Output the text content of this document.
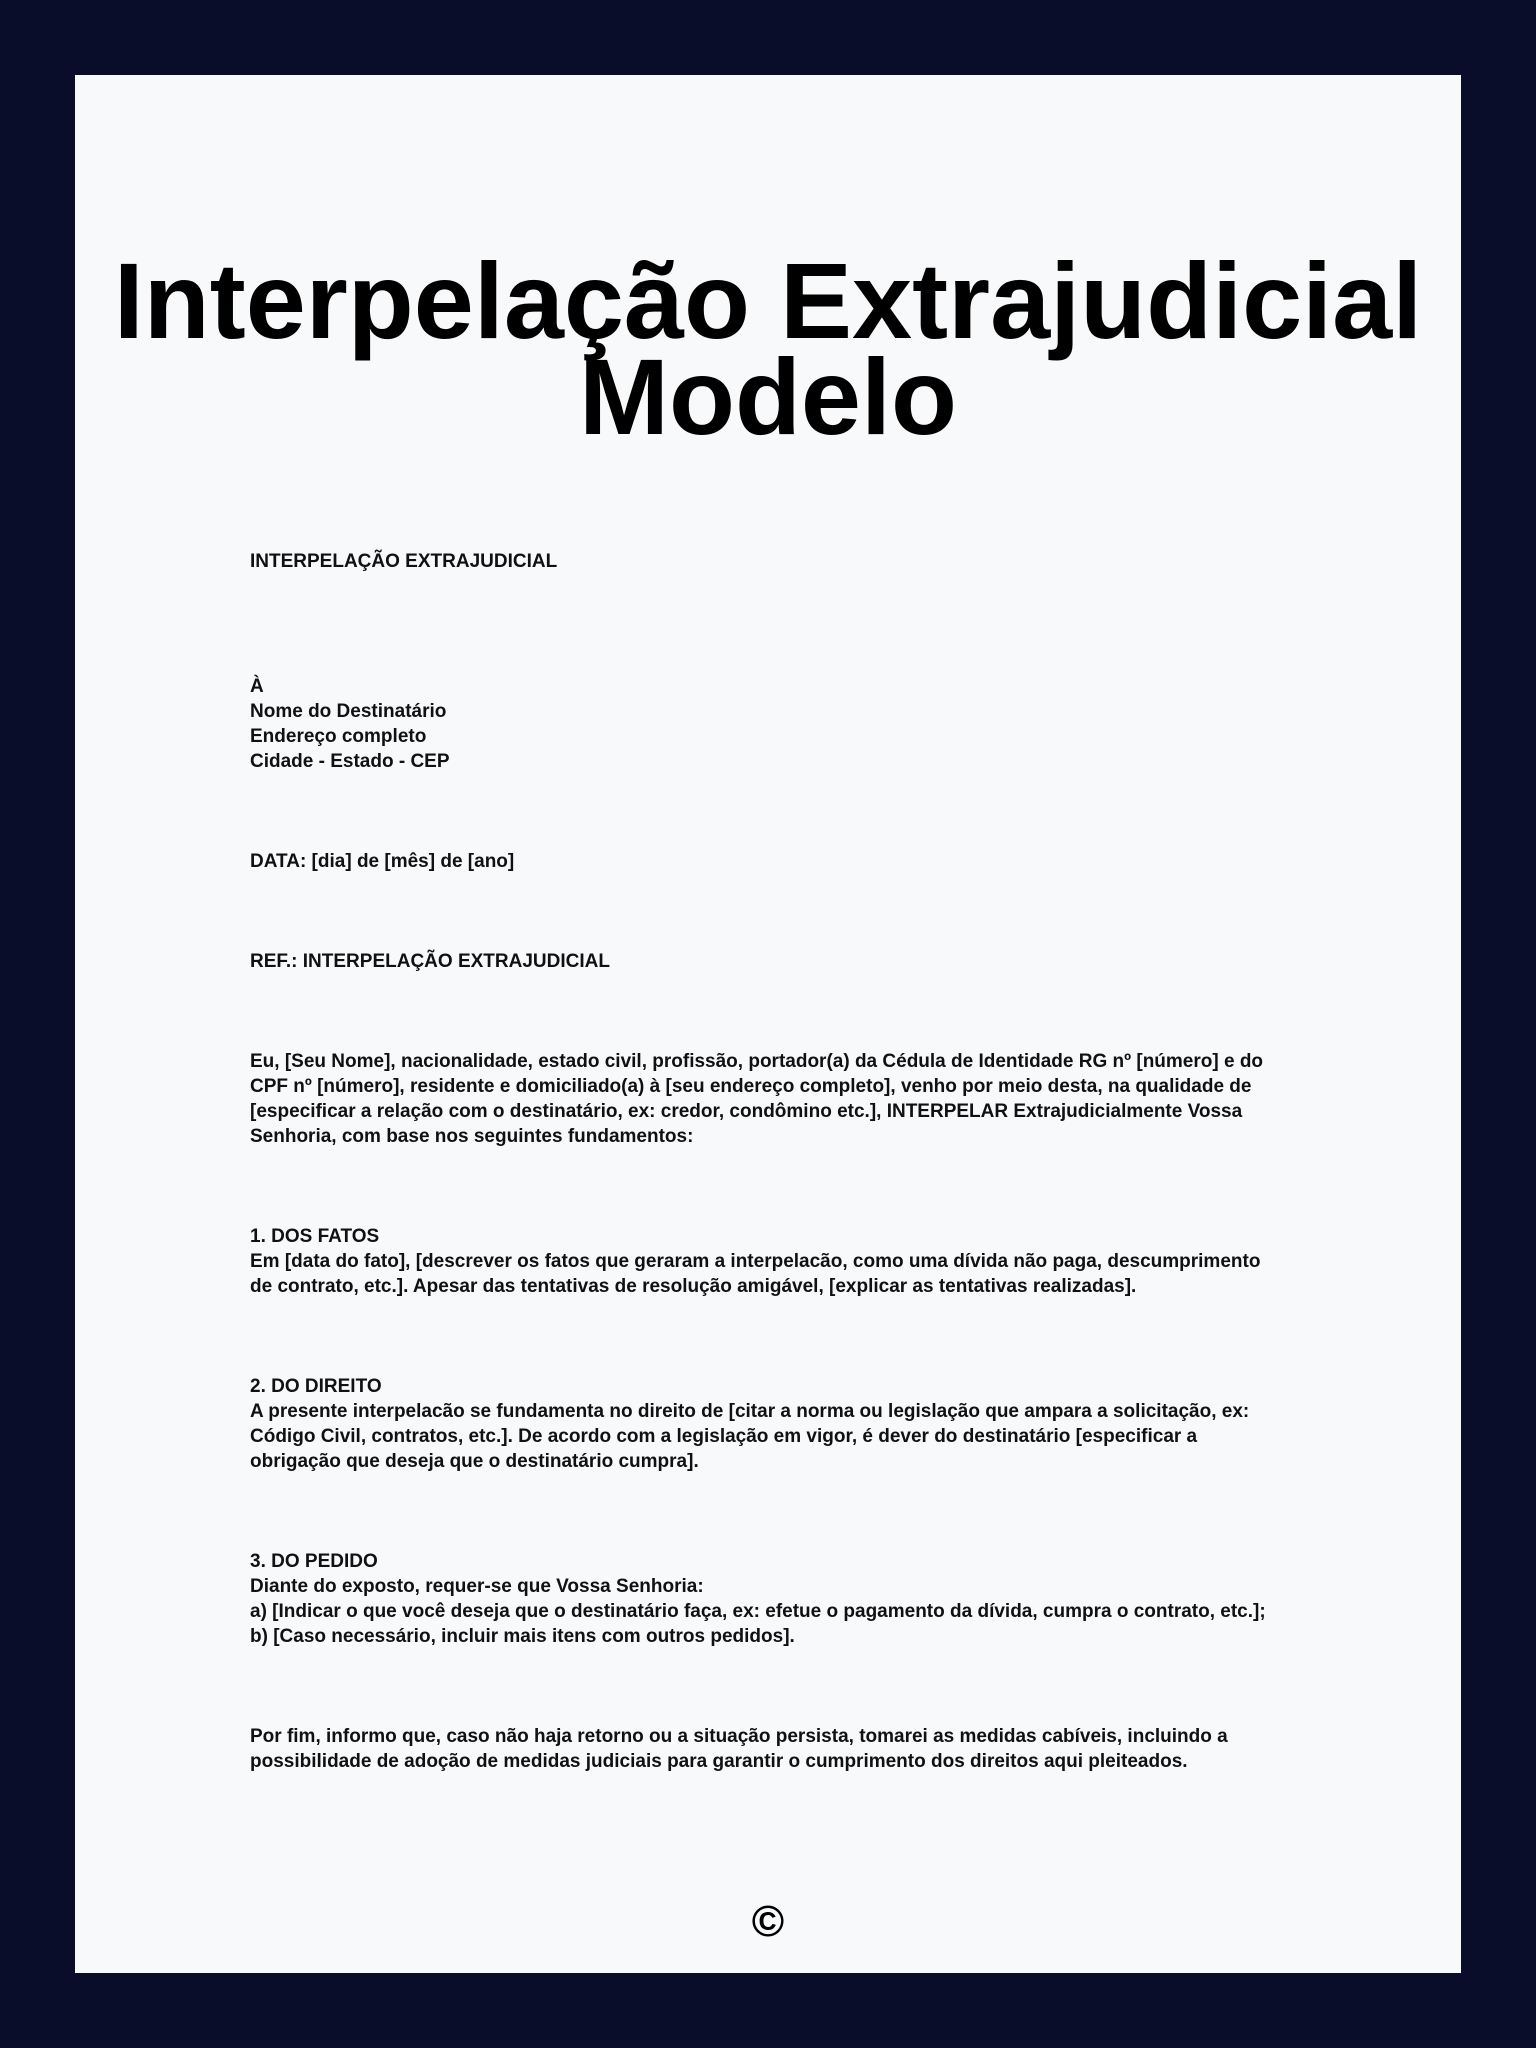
Interpelação Extrajudicial
Modelo

INTERPELAÇÃO EXTRAJUDICIAL

À
Nome do Destinatário
Endereço completo
Cidade - Estado - CEP

DATA: [dia] de [mês] de [ano]

REF.: INTERPELAÇÃO EXTRAJUDICIAL

Eu, [Seu Nome], nacionalidade, estado civil, profissão, portador(a) da Cédula de Identidade RG nº [número] e do CPF nº [número], residente e domiciliado(a) à [seu endereço completo], venho por meio desta, na qualidade de [especificar a relação com o destinatário, ex: credor, condômino etc.], INTERPELAR Extrajudicialmente Vossa Senhoria, com base nos seguintes fundamentos:

1. DOS FATOS
Em [data do fato], [descrever os fatos que geraram a interpelacão, como uma dívida não paga, descumprimento de contrato, etc.]. Apesar das tentativas de resolução amigável, [explicar as tentativas realizadas].
2. DO DIREITO
A presente interpelacão se fundamenta no direito de [citar a norma ou legislação que ampara a solicitação, ex: Código Civil, contratos, etc.]. De acordo com a legislação em vigor, é dever do destinatário [especificar a obrigação que deseja que o destinatário cumpra].
3. DO PEDIDO
Diante do exposto, requer-se que Vossa Senhoria:
a) [Indicar o que você deseja que o destinatário faça, ex: efetue o pagamento da dívida, cumpra o contrato, etc.];
b) [Caso necessário, incluir mais itens com outros pedidos].

Por fim, informo que, caso não haja retorno ou a situação persista, tomarei as medidas cabíveis, incluindo a possibilidade de adoção de medidas judiciais para garantir o cumprimento dos direitos aqui pleiteados.

©
